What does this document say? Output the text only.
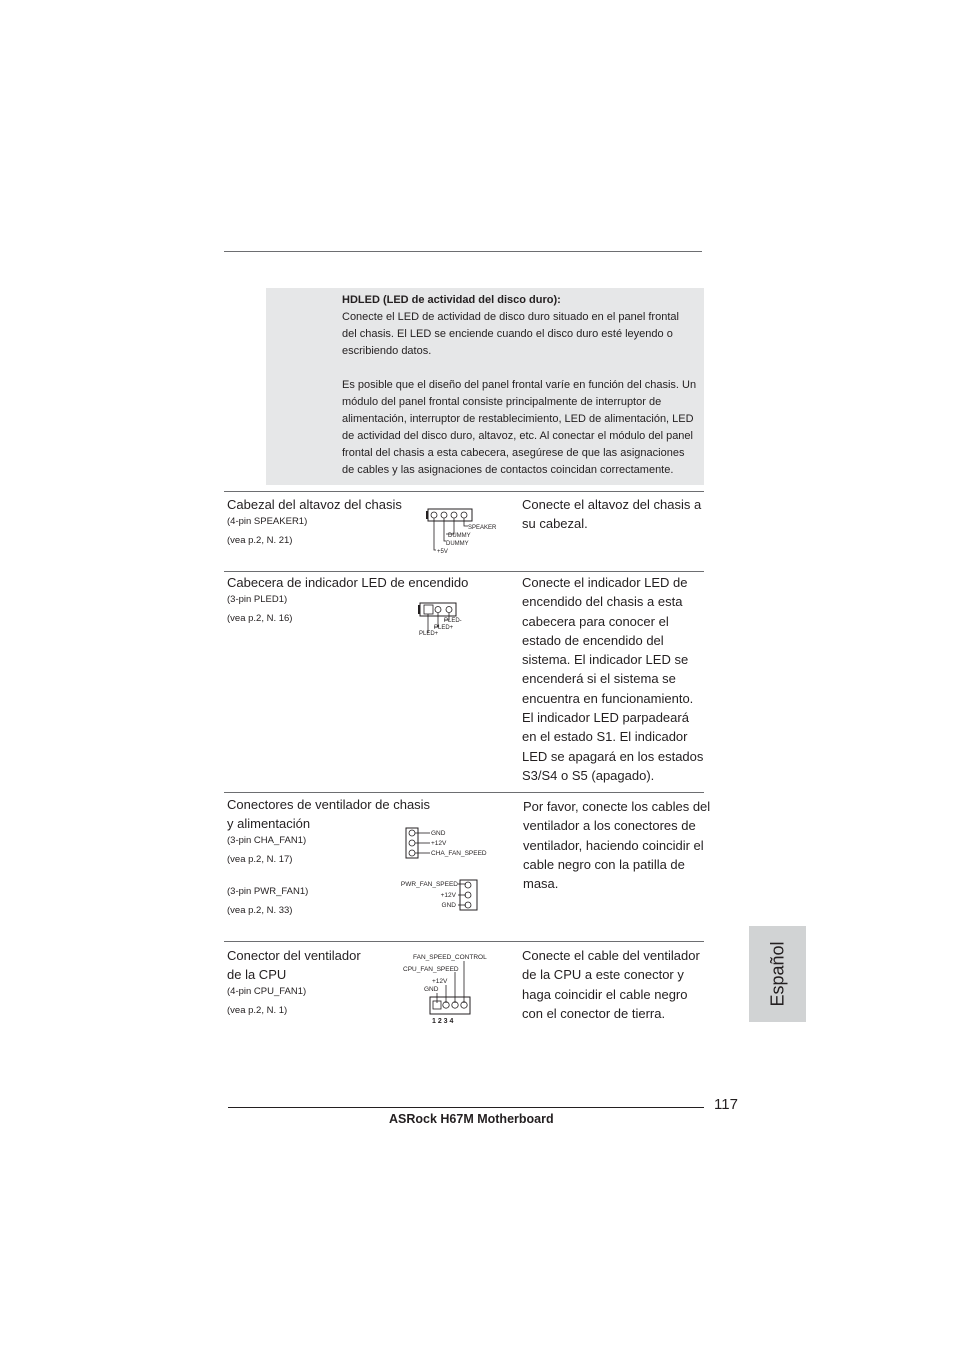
HDLED (LED de actividad del disco duro):

Conecte el LED de actividad de disco duro situado en el panel frontal

del chasis. El LED se enciende cuando el disco duro esté leyendo o

escribiendo datos.

Es posible que el diseño del panel frontal varíe en función del chasis. Un

módulo del panel frontal consiste principalmente de interruptor de

alimentación, interruptor de restablecimiento, LED de alimentación, LED

de actividad del disco duro, altavoz, etc. Al conectar el módulo del panel

frontal del chasis a esta cabecera, asegúrese de que las asignaciones

de cables y las asignaciones de contactos coincidan correctamente.

Cabezal del altavoz del chasis
(4-pin SPEAKER1)
(vea p.2, N. 21)
SPEAKER
DUMMY
DUMMY
+5V
Conecte el altavoz del chasis a
su cabezal.
Cabecera de indicador LED de encendido
(3-pin PLED1)
(vea p.2, N. 16)	PLED-
PLED+
PLED+
Conecte el indicador LED de
encendido del chasis a esta
cabecera para conocer el
estado de encendido del
sistema. El indicador LED se
encenderá si el sistema se
encuentra en funcionamiento.
El indicador LED parpadeará
en el estado S1. El indicador
LED se apagará en los estados
S3/S4 o S5 (apagado).
Conectores de ventilador de chasis
y alimentación
(3-pin CHA_FAN1)
(vea p.2, N. 17)
(3-pin PWR_FAN1)
(vea p.2, N. 33)
GND
+12V
CHA_FAN_SPEED
PWR_FAN_SPEED
+12V
GND
Por favor, conecte los cables del
ventilador a los conectores de
ventilador, haciendo coincidir el
cable negro con la patilla de
masa.
Conector del ventilador
de la CPU
(4-pin CPU_FAN1)
(vea p.2, N. 1)
FAN_SPEED_CONTROL
CPU_FAN_SPEED
+12V
GND
1 2 3 4
Conecte el cable del ventilador
de la CPU a este conector y
haga coincidir el cable negro
con el conector de tierra.
Español
117
ASRock H67M Motherboard
